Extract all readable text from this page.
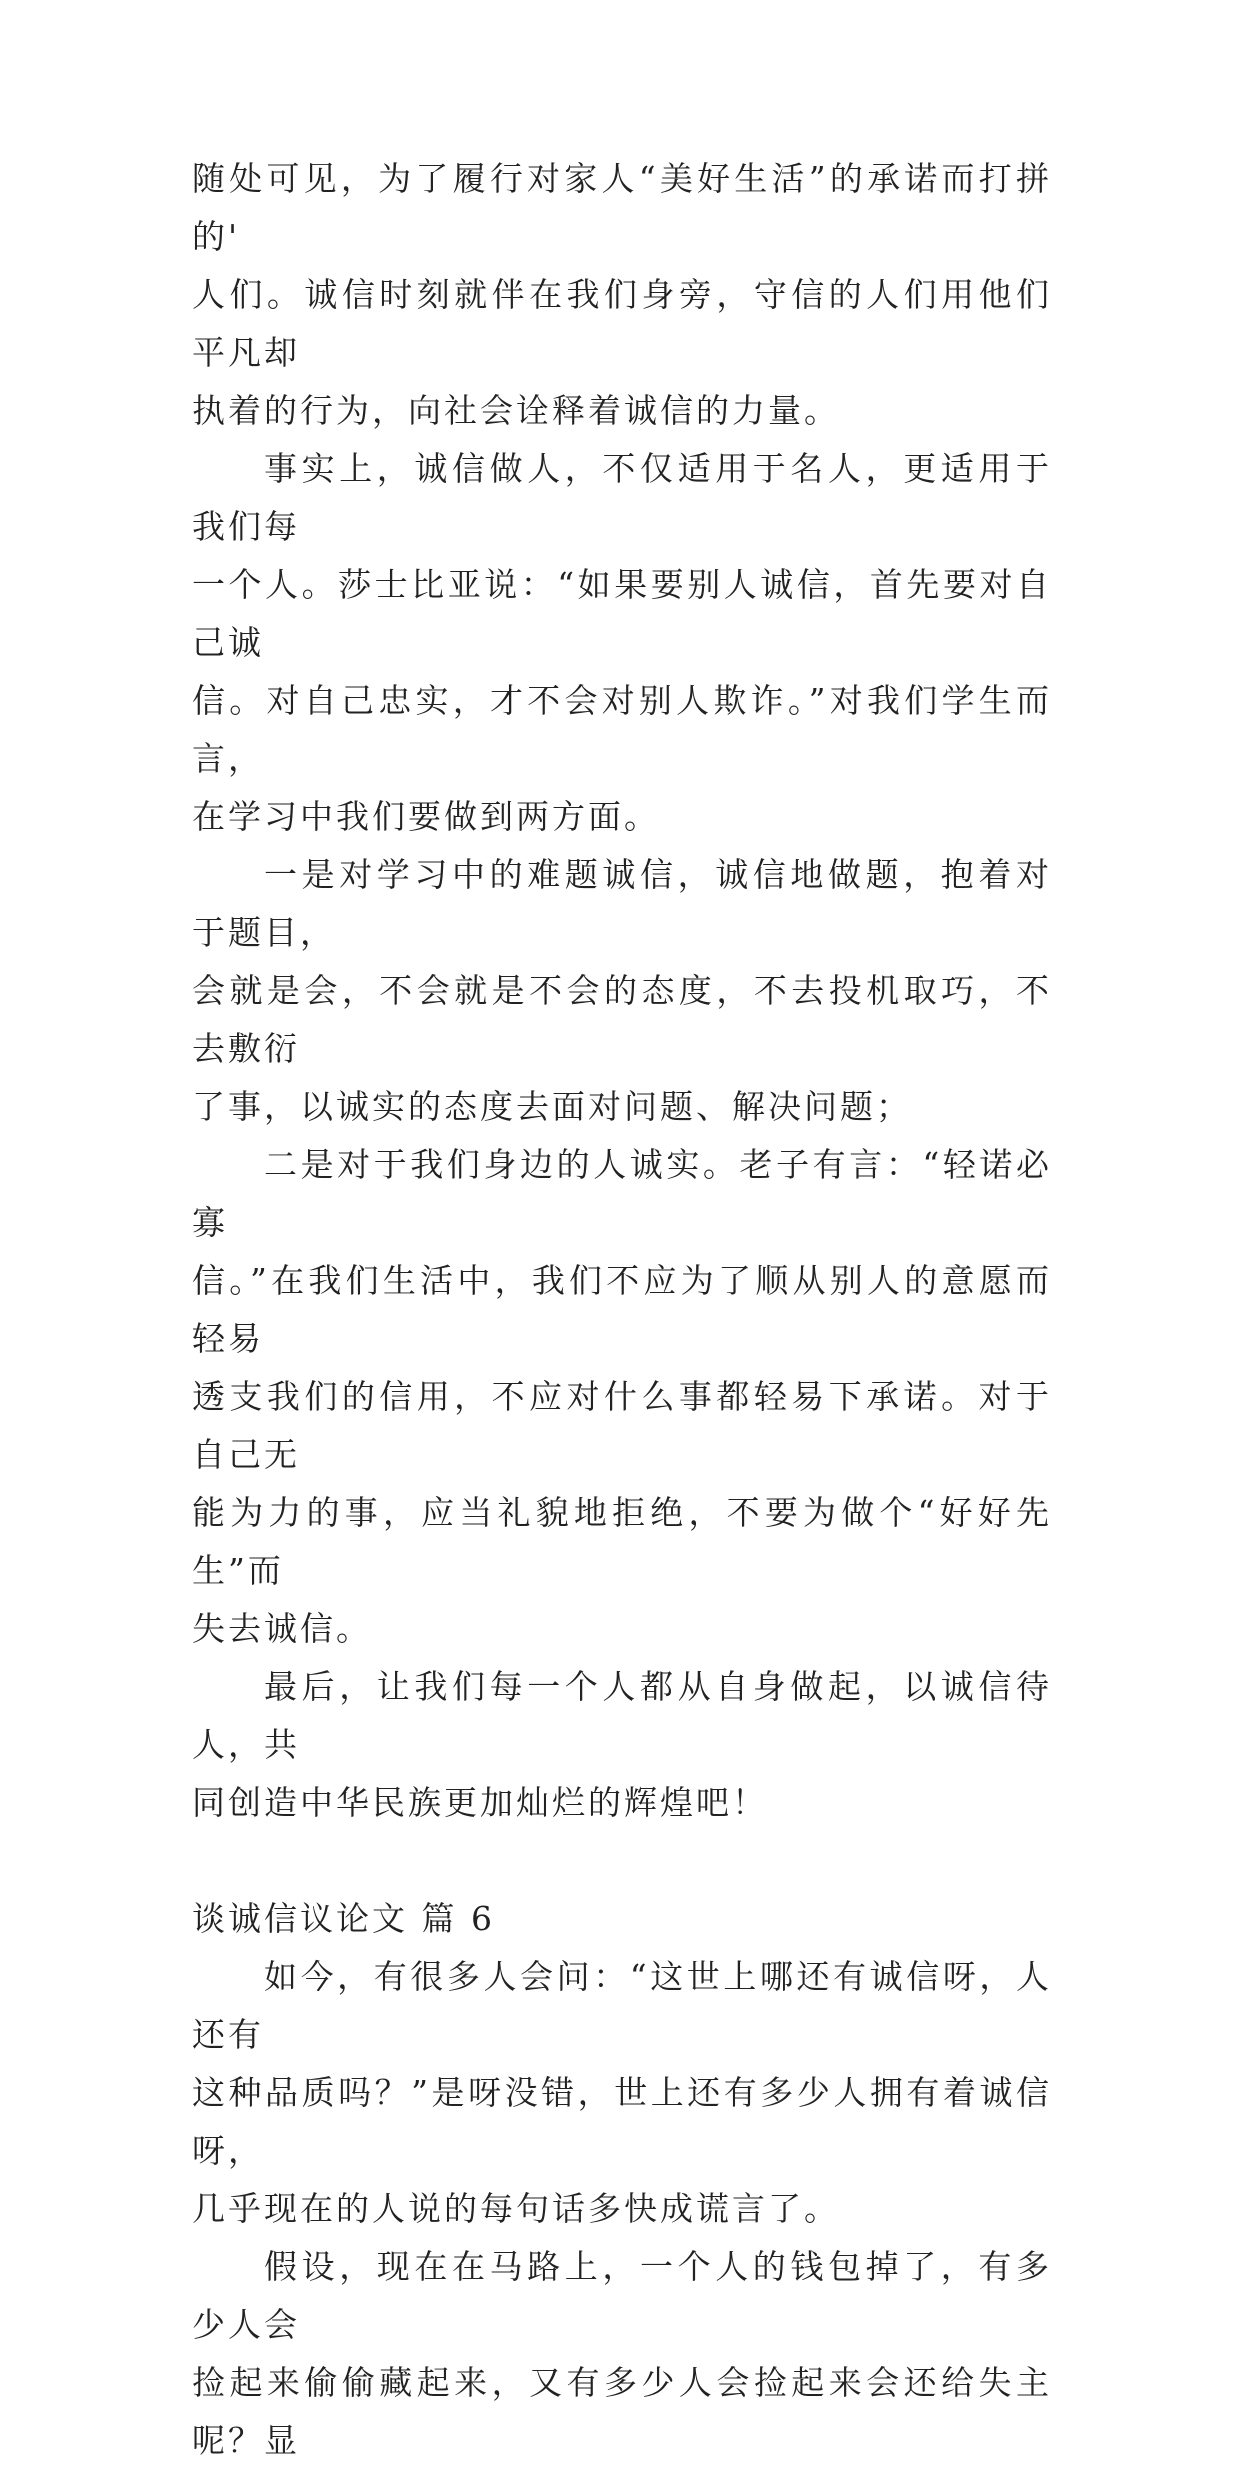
随处可见，为了履行对家人“美好生活”的承诺而打拼的'
人们。诚信时刻就伴在我们身旁，守信的人们用他们平凡却
执着的行为，向社会诠释着诚信的力量。

事实上，诚信做人，不仅适用于名人，更适用于我们每
一个人。莎士比亚说：“如果要别人诚信，首先要对自己诚
信。对自己忠实，才不会对别人欺诈。”对我们学生而言，
在学习中我们要做到两方面。

一是对学习中的难题诚信，诚信地做题，抱着对于题目，
会就是会，不会就是不会的态度，不去投机取巧，不去敷衍
了事，以诚实的态度去面对问题、解决问题；

二是对于我们身边的人诚实。老子有言：“轻诺必寡
信。”在我们生活中，我们不应为了顺从别人的意愿而轻易
透支我们的信用，不应对什么事都轻易下承诺。对于自己无
能为力的事，应当礼貌地拒绝，不要为做个“好好先生”而
失去诚信。

最后，让我们每一个人都从自身做起，以诚信待人，共
同创造中华民族更加灿烂的辉煌吧！

谈诚信议论文 篇 6

如今，有很多人会问：“这世上哪还有诚信呀，人还有
这种品质吗？”是呀没错，世上还有多少人拥有着诚信呀，
几乎现在的人说的每句话多快成谎言了。

假设，现在在马路上，一个人的钱包掉了，有多少人会
捡起来偷偷藏起来，又有多少人会捡起来会还给失主呢？显
